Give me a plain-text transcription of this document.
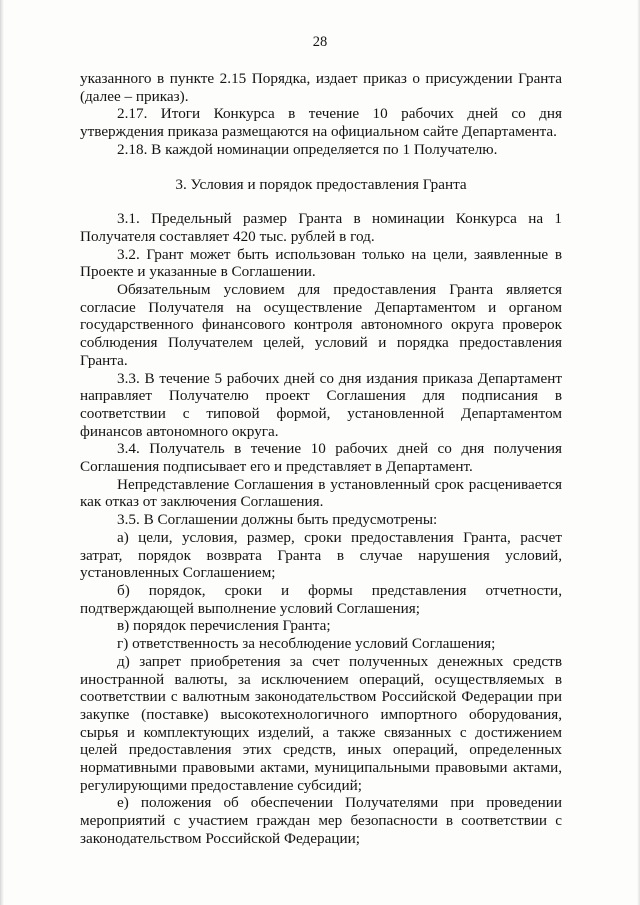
28

указанного в пункте 2.15 Порядка, издает приказ о присуждении Гранта (далее – приказ).

2.17. Итоги Конкурса в течение 10 рабочих дней со дня утверждения приказа размещаются на официальном сайте Департамента.

2.18. В каждой номинации определяется по 1 Получателю.

3. Условия и порядок предоставления Гранта

3.1. Предельный размер Гранта в номинации Конкурса на 1 Получателя составляет 420 тыс. рублей в год.

3.2. Грант может быть использован только на цели, заявленные в Проекте и указанные в Соглашении.

Обязательным условием для предоставления Гранта является согласие Получателя на осуществление Департаментом и органом государственного финансового контроля автономного округа проверок соблюдения Получателем целей, условий и порядка предоставления Гранта.

3.3. В течение 5 рабочих дней со дня издания приказа Департамент направляет Получателю проект Соглашения для подписания в соответствии с типовой формой, установленной Департаментом финансов автономного округа.

3.4. Получатель в течение 10 рабочих дней со дня получения Соглашения подписывает его и представляет в Департамент.

Непредставление Соглашения в установленный срок расценивается как отказ от заключения Соглашения.

3.5. В Соглашении должны быть предусмотрены:

а) цели, условия, размер, сроки предоставления Гранта, расчет затрат, порядок возврата Гранта в случае нарушения условий, установленных Соглашением;

б) порядок, сроки и формы представления отчетности, подтверждающей выполнение условий Соглашения;

в) порядок перечисления Гранта;

г) ответственность за несоблюдение условий Соглашения;

д) запрет приобретения за счет полученных денежных средств иностранной валюты, за исключением операций, осуществляемых в соответствии с валютным законодательством Российской Федерации при закупке (поставке) высокотехнологичного импортного оборудования, сырья и комплектующих изделий, а также связанных с достижением целей предоставления этих средств, иных операций, определенных нормативными правовыми актами, муниципальными правовыми актами, регулирующими предоставление субсидий;

е) положения об обеспечении Получателями при проведении мероприятий с участием граждан мер безопасности в соответствии с законодательством Российской Федерации;
